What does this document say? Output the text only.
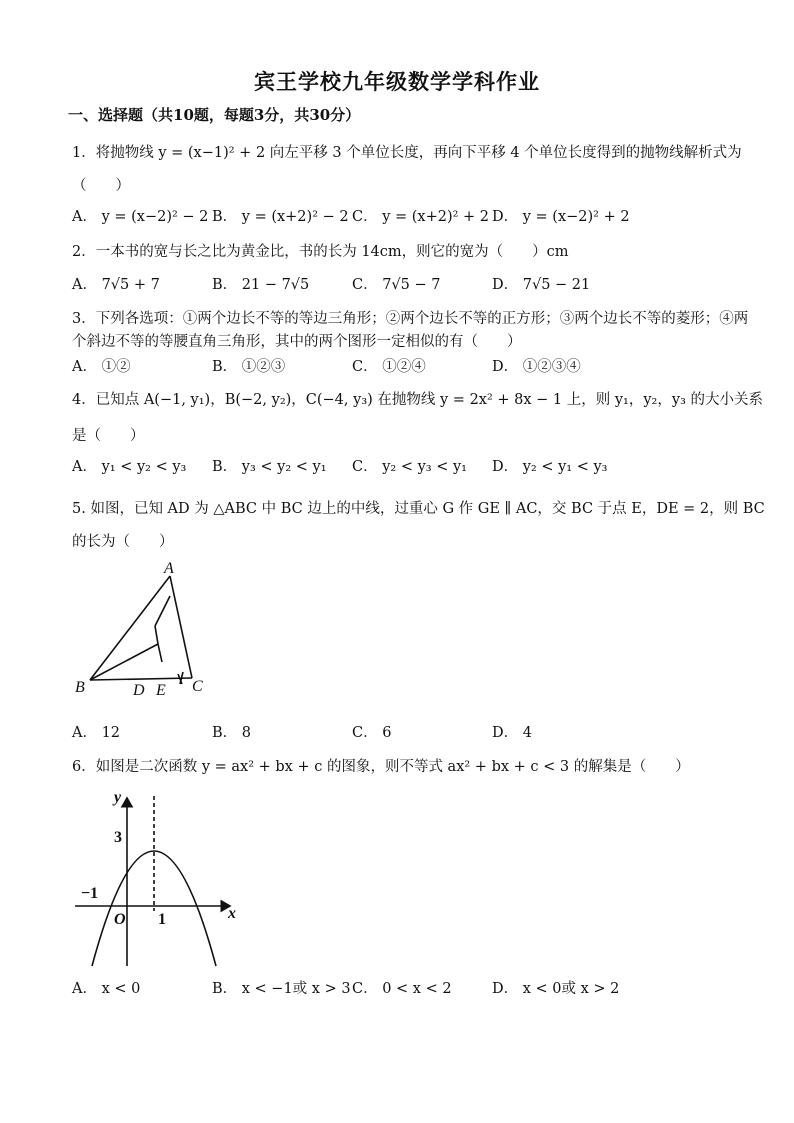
宾王学校九年级数学学科作业
一、选择题（共10题，每题3分，共30分）
1．将抛物线 y = (x−1)² + 2 向左平移 3 个单位长度，再向下平移 4 个单位长度得到的抛物线解析式为
（　　）
A． y = (x−2)² − 2 B． y = (x+2)² − 2 C． y = (x+2)² + 2 D． y = (x−2)² + 2
2．一本书的宽与长之比为黄金比，书的长为 14cm，则它的宽为（　　）cm
A． 7√5 + 7	B． 21 − 7√5	C． 7√5 − 7	D． 7√5 − 21
3．下列各选项：①两个边长不等的等边三角形；②两个边长不等的正方形；③两个边长不等的菱形；④两
个斜边不等的等腰直角三角形，其中的两个图形一定相似的有（　　）
A． ①②	B． ①②③	C． ①②④	D． ①②③④
4．已知点 A(−1, y₁)，B(−2, y₂)，C(−4, y₃) 在抛物线 y = 2x² + 8x − 1 上，则 y₁，y₂，y₃ 的大小关系
是（　　）
A． y₁ < y₂ < y₃ B． y₃ < y₂ < y₁ C． y₂ < y₃ < y₁ D． y₂ < y₁ < y₃
5. 如图，已知 AD 为 △ABC 中 BC 边上的中线，过重心 G 作 GE ∥ AC，交 BC 于点 E，DE = 2，则 BC
的长为（　　）
A
B	D E C
A． 12	B． 8	C． 6	D． 4
6．如图是二次函数 y = ax² + bx + c 的图象，则不等式 ax² + bx + c < 3 的解集是（　　）
y
x
3
−1
O 1
A． x < 0	B． x < −1或 x > 3 C． 0 < x < 2	D． x < 0或 x > 2
